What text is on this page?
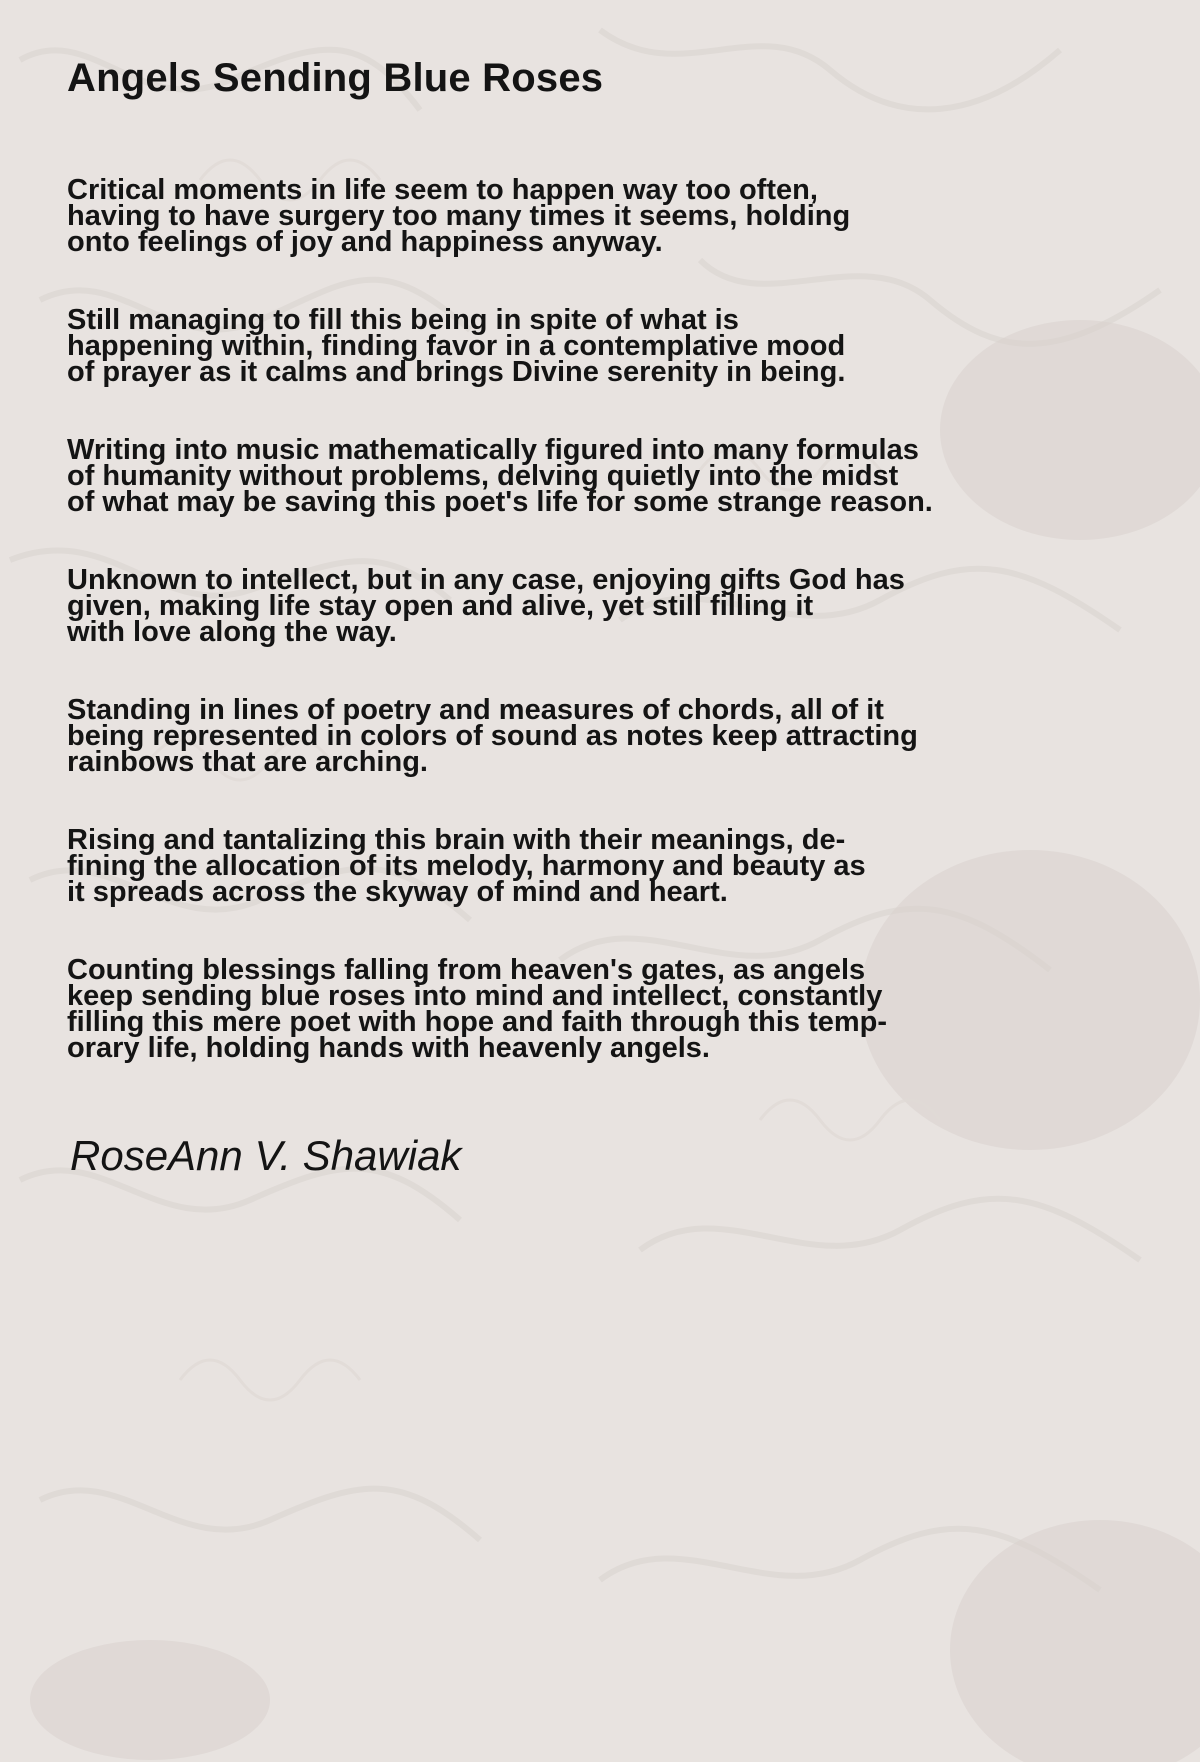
Angels Sending Blue Roses
Critical moments in life seem to happen way too often,
having to have surgery too many times it seems, holding
onto feelings of joy and happiness anyway.
Still managing to fill this being in spite of what is
happening within, finding favor in a contemplative mood
of prayer as it calms and brings Divine serenity in being.
Writing into music mathematically figured into many formulas
of humanity without problems, delving quietly into the midst
of what may be saving this poet's life for some strange reason.
Unknown to intellect, but in any case, enjoying gifts God has
given, making life stay open and alive, yet still filling it
with love along the way.
Standing in lines of poetry and measures of chords, all of it
being represented in colors of sound as notes keep attracting
rainbows that are arching.
Rising and tantalizing this brain with their meanings, de-
fining the allocation of its melody, harmony and beauty as
it spreads across the skyway of mind and heart.
Counting blessings falling from heaven's gates, as angels
keep sending blue roses into mind and intellect, constantly
filling this mere poet with hope and faith through this temp-
orary life, holding hands with heavenly angels.
RoseAnn V. Shawiak
